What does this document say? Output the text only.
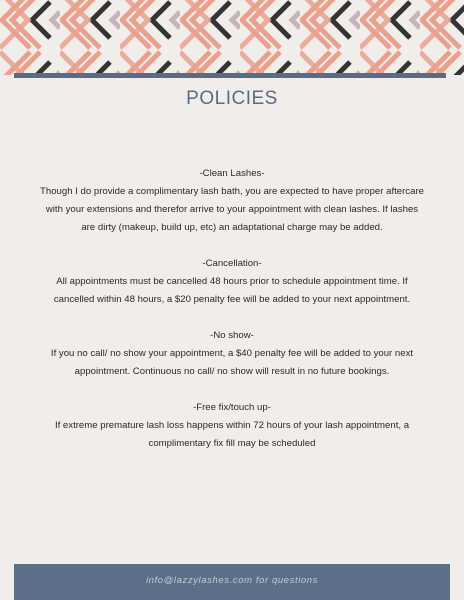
POLICIES

-Clean Lashes-

Though I do provide a complimentary lash bath, you are expected to have proper aftercare with your extensions and therefor arrive to your appointment with clean lashes. If lashes are dirty (makeup, build up, etc) an adaptational charge may be added.

-Cancellation-

All appointments must be cancelled 48 hours prior to schedule appointment time. If cancelled within 48 hours, a $20 penalty fee will be added to your next appointment.

-No show-

If you no call/ no show your appointment, a $40 penalty fee will be added to your next appointment. Continuous no call/ no show will result in no future bookings.

-Free fix/touch up-

If extreme premature lash loss happens within 72 hours of your lash appointment, a complimentary fix fill may be scheduled

info@lazzylashes.com for questions
